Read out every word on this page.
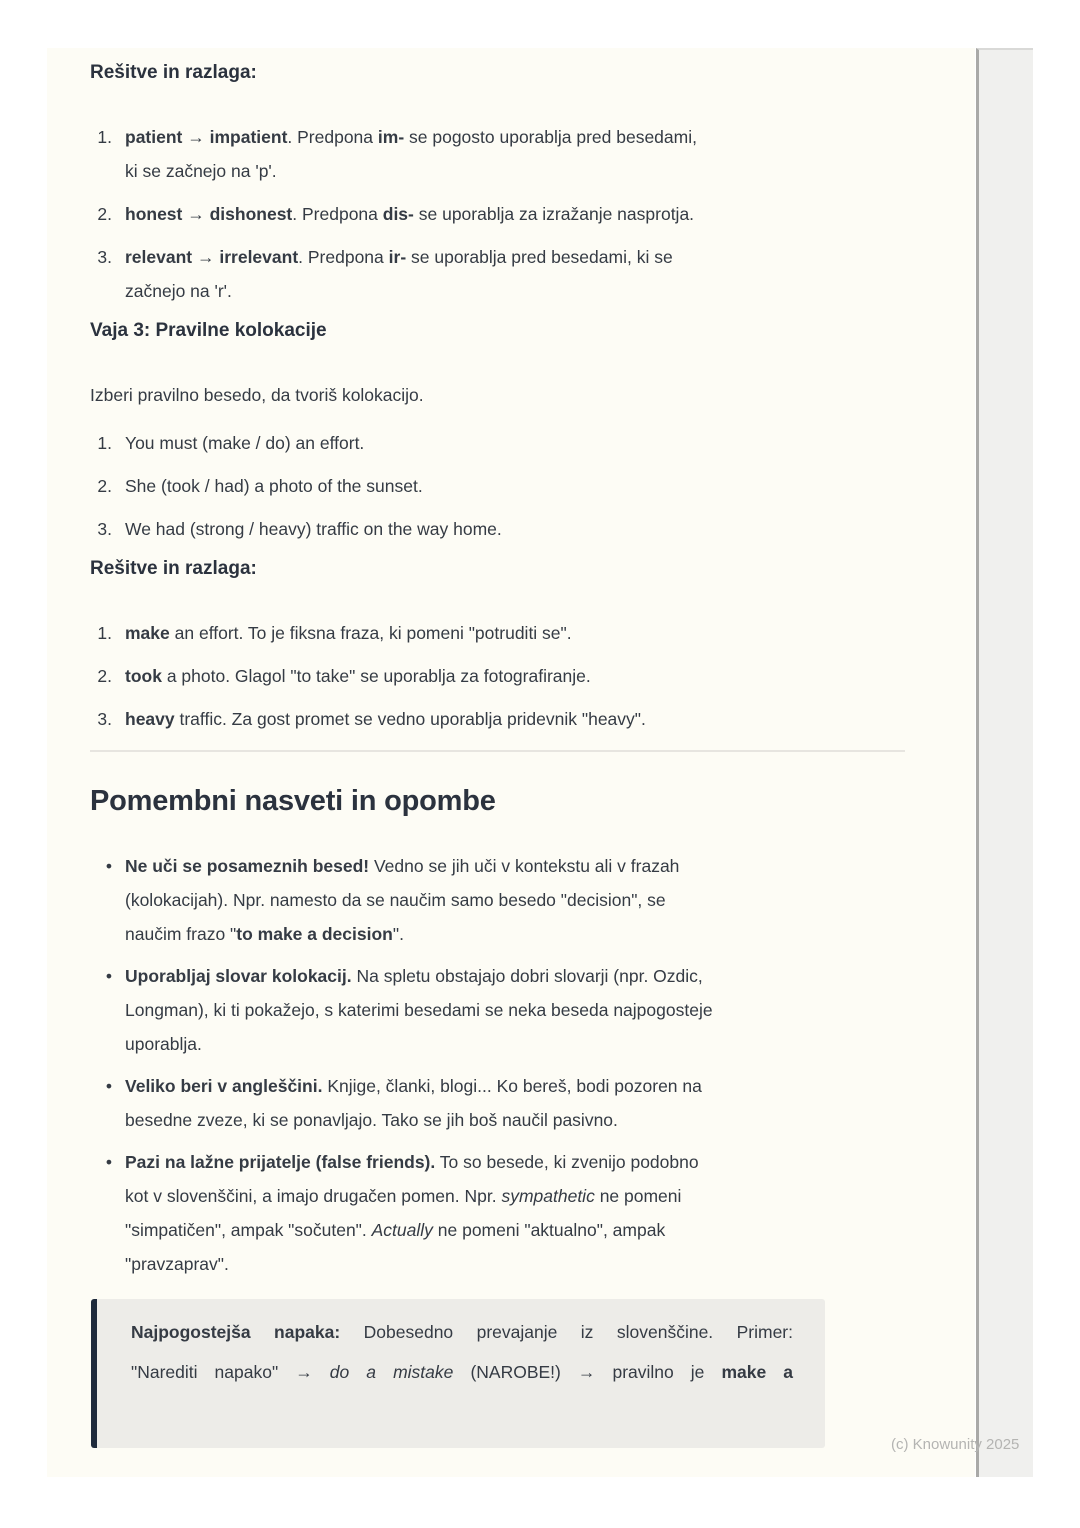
Rešitve in razlaga:
1. patient → impatient. Predpona im- se pogosto uporablja pred besedami,
ki se začnejo na 'p'.
2. honest → dishonest. Predpona dis- se uporablja za izražanje nasprotja.
3. relevant → irrelevant. Predpona ir- se uporablja pred besedami, ki se
začnejo na 'r'.
Vaja 3: Pravilne kolokacije

Izberi pravilno besedo, da tvoriš kolokacijo.

1. You must (make / do) an effort.
2. She (took / had) a photo of the sunset.
3. We had (strong / heavy) traffic on the way home.
Rešitve in razlaga:
1. make an effort. To je fiksna fraza, ki pomeni "potruditi se".
2. took a photo. Glagol "to take" se uporablja za fotografiranje.
3. heavy traffic. Za gost promet se vedno uporablja pridevnik "heavy".
Pomembni nasveti in opombe
• Ne uči se posameznih besed! Vedno se jih uči v kontekstu ali v frazah
(kolokacijah). Npr. namesto da se naučim samo besedo "decision", se
naučim frazo "to make a decision".
• Uporabljaj slovar kolokacij. Na spletu obstajajo dobri slovarji (npr. Ozdic,
Longman), ki ti pokažejo, s katerimi besedami se neka beseda najpogosteje
uporablja.
• Veliko beri v angleščini. Knjige, članki, blogi... Ko bereš, bodi pozoren na
besedne zveze, ki se ponavljajo. Tako se jih boš naučil pasivno.
• Pazi na lažne prijatelje (false friends). To so besede, ki zvenijo podobno
kot v slovenščini, a imajo drugačen pomen. Npr. sympathetic ne pomeni
"simpatičen", ampak "sočuten". Actually ne pomeni "aktualno", ampak
"pravzaprav".

Najpogostejša napaka: Dobesedno prevajanje iz slovenščine. Primer:
"Narediti napako" → do a mistake (NAROBE!) → pravilno je make a

(c) Knowunity 2025
